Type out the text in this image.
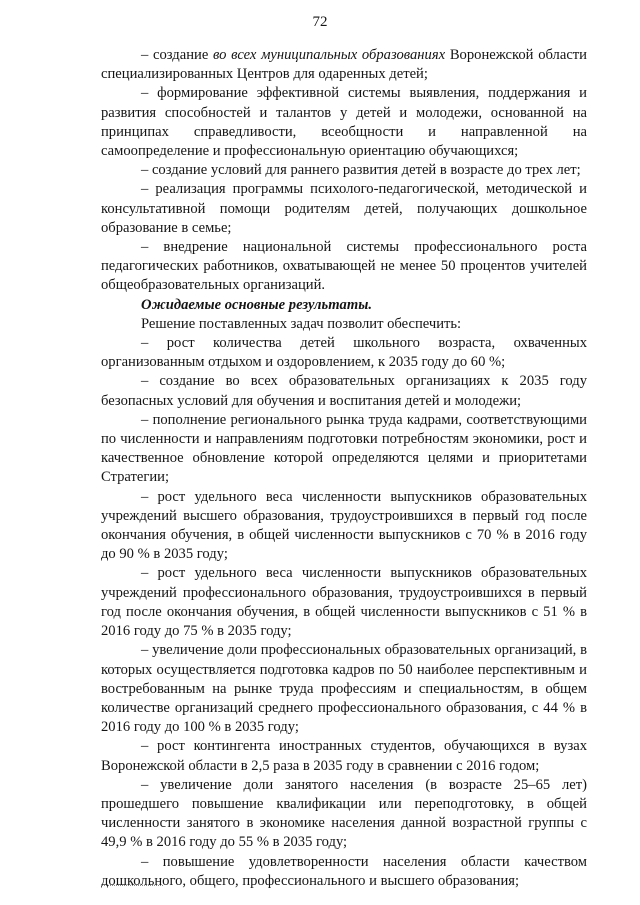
72

– создание во всех муниципальных образованиях Воронежской области специализированных Центров для одаренных детей;

– формирование эффективной системы выявления, поддержания и развития способностей и талантов у детей и молодежи, основанной на принципах справедливости, всеобщности и направленной на самоопределение и профессиональную ориентацию обучающихся;

– создание условий для раннего развития детей в возрасте до трех лет;

– реализация программы психолого-педагогической, методической и консультативной помощи родителям детей, получающих дошкольное образование в семье;

– внедрение национальной системы профессионального роста педагогических работников, охватывающей не менее 50 процентов учителей общеобразовательных организаций.

Ожидаемые основные результаты.

Решение поставленных задач позволит обеспечить:

– рост количества детей школьного возраста, охваченных организованным отдыхом и оздоровлением, к 2035 году до 60 %;

– создание во всех образовательных организациях к 2035 году безопасных условий для обучения и воспитания детей и молодежи;

– пополнение регионального рынка труда кадрами, соответствующими по численности и направлениям подготовки потребностям экономики, рост и качественное обновление которой определяются целями и приоритетами Стратегии;

– рост удельного веса численности выпускников образовательных учреждений высшего образования, трудоустроившихся в первый год после окончания обучения, в общей численности выпускников с 70 % в 2016 году до 90 % в 2035 году;

– рост удельного веса численности выпускников образовательных учреждений профессионального образования, трудоустроившихся в первый год после окончания обучения, в общей численности выпускников с 51 % в 2016 году до 75 % в 2035 году;

– увеличение доли профессиональных образовательных организаций, в которых осуществляется подготовка кадров по 50 наиболее перспективным и востребованным на рынке труда профессиям и специальностям, в общем количестве организаций среднего профессионального образования, с 44 % в 2016 году до 100 % в 2035 году;

– рост контингента иностранных студентов, обучающихся в вузах Воронежской области в 2,5 раза в 2035 году в сравнении с 2016 годом;

– увеличение доли занятого населения (в возрасте 25–65 лет) прошедшего повышение квалификации или переподготовку, в общей численности занятого в экономике населения данной возрастной группы с 49,9 % в 2016 году до 55 % в 2035 году;

– повышение удовлетворенности населения области качеством дошкольного, общего, профессионального и высшего образования;
